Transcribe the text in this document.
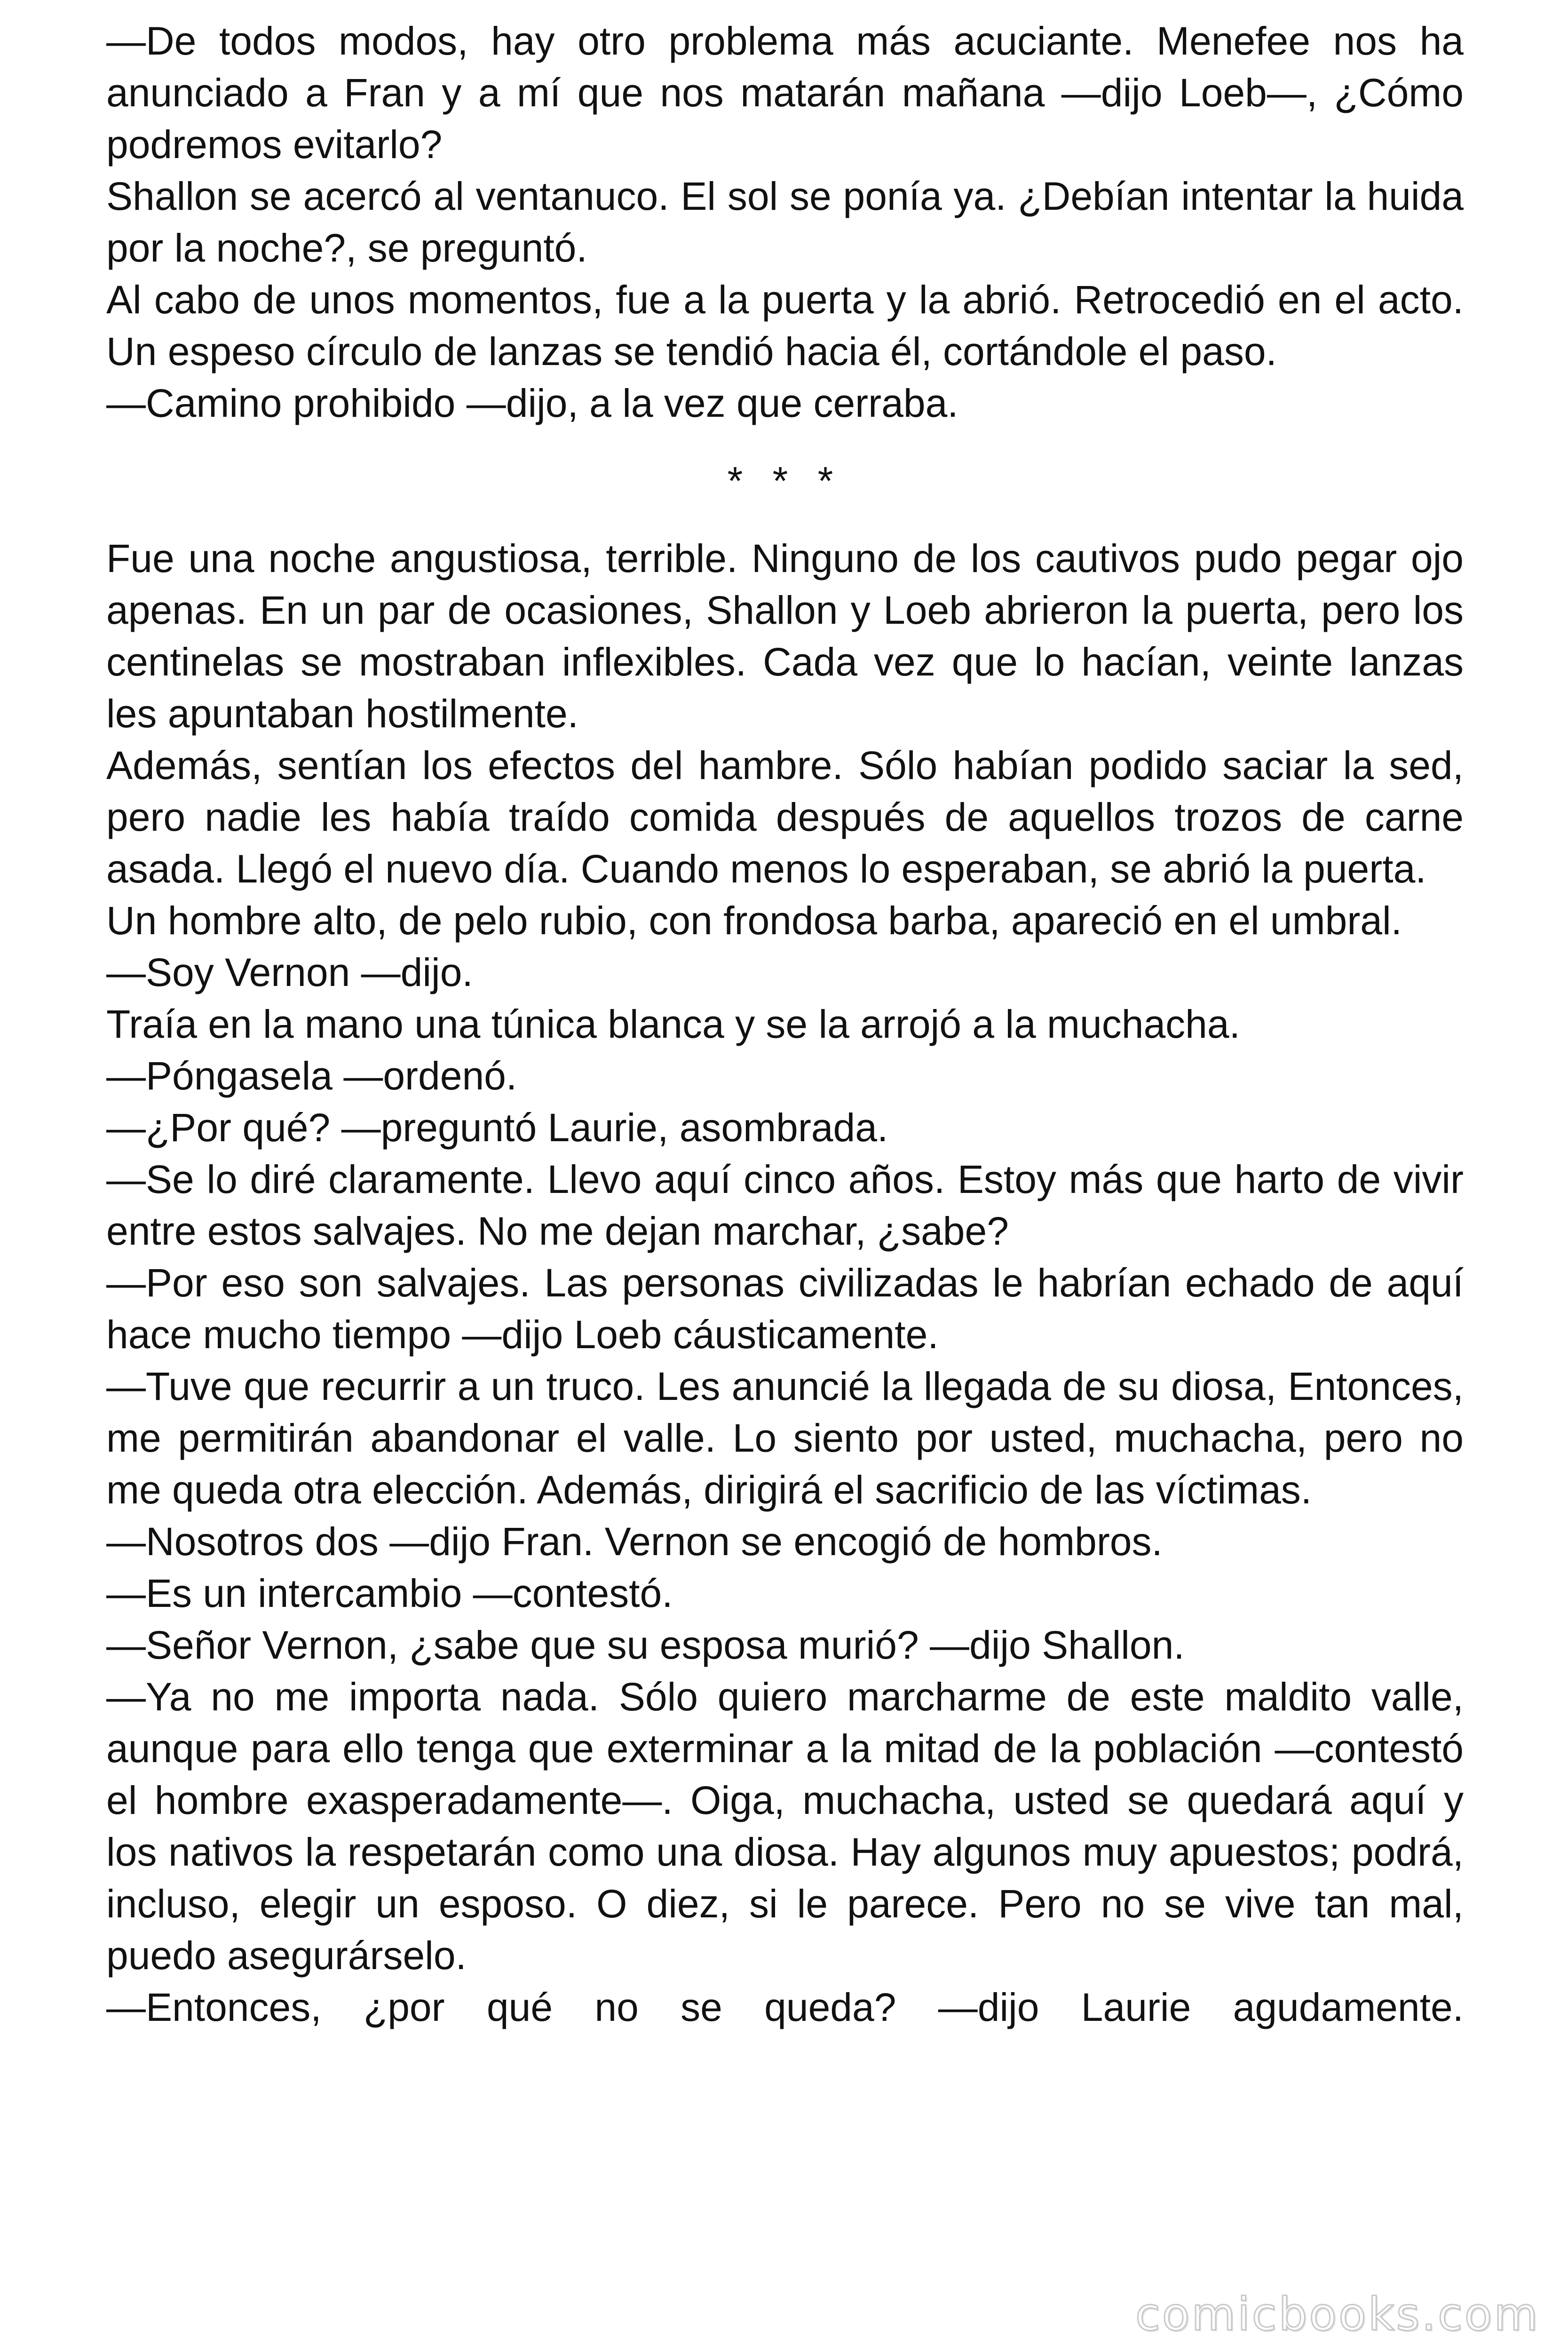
—De todos modos, hay otro problema más acuciante. Menefee nos ha anunciado a Fran y a mí que nos matarán mañana —dijo Loeb—, ¿Cómo podremos evitarlo?

Shallon se acercó al ventanuco. El sol se ponía ya. ¿Debían intentar la huida por la noche?, se preguntó.

Al cabo de unos momentos, fue a la puerta y la abrió. Retrocedió en el acto. Un espeso círculo de lanzas se tendió hacia él, cortándole el paso.

—Camino prohibido —dijo, a la vez que cerraba.

* * *

Fue una noche angustiosa, terrible. Ninguno de los cautivos pudo pegar ojo apenas. En un par de ocasiones, Shallon y Loeb abrieron la puerta, pero los centinelas se mostraban inflexibles. Cada vez que lo hacían, veinte lanzas les apuntaban hostilmente.

Además, sentían los efectos del hambre. Sólo habían podido saciar la sed, pero nadie les había traído comida después de aquellos trozos de carne asada. Llegó el nuevo día. Cuando menos lo esperaban, se abrió la puerta.

Un hombre alto, de pelo rubio, con frondosa barba, apareció en el umbral.

—Soy Vernon —dijo.

Traía en la mano una túnica blanca y se la arrojó a la muchacha.

—Póngasela —ordenó.

—¿Por qué? —preguntó Laurie, asombrada.

—Se lo diré claramente. Llevo aquí cinco años. Estoy más que harto de vivir entre estos salvajes. No me dejan marchar, ¿sabe?

—Por eso son salvajes. Las personas civilizadas le habrían echado de aquí hace mucho tiempo —dijo Loeb cáusticamente.

—Tuve que recurrir a un truco. Les anuncié la llegada de su diosa, Entonces, me permitirán abandonar el valle. Lo siento por usted, muchacha, pero no me queda otra elección. Además, dirigirá el sacrificio de las víctimas.

—Nosotros dos —dijo Fran. Vernon se encogió de hombros.

—Es un intercambio —contestó.

—Señor Vernon, ¿sabe que su esposa murió? —dijo Shallon.

—Ya no me importa nada. Sólo quiero marcharme de este maldito valle, aunque para ello tenga que exterminar a la mitad de la población —contestó el hombre exasperadamente—. Oiga, muchacha, usted se quedará aquí y los nativos la respetarán como una diosa. Hay algunos muy apuestos; podrá, incluso, elegir un esposo. O diez, si le parece. Pero no se vive tan mal, puedo asegurárselo.

—Entonces, ¿por qué no se queda? —dijo Laurie agudamente.

comicbooks.com
